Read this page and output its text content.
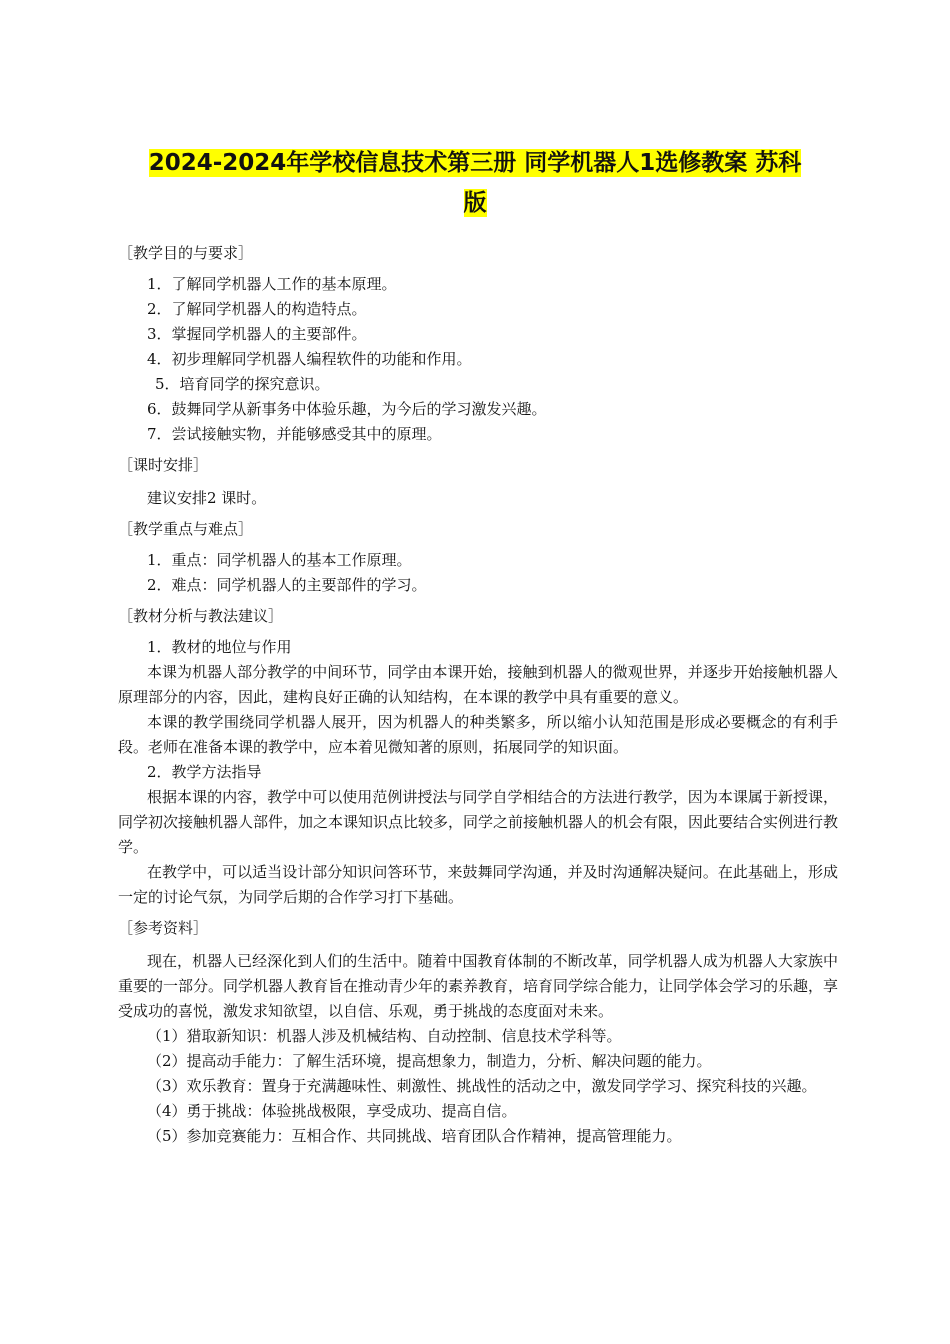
2024-2024年学校信息技术第三册 同学机器人1选修教案 苏科
版
［教学目的与要求］
1．了解同学机器人工作的基本原理。
2．了解同学机器人的构造特点。
3．掌握同学机器人的主要部件。
4．初步理解同学机器人编程软件的功能和作用。
5．培育同学的探究意识。
6．鼓舞同学从新事务中体验乐趣，为今后的学习激发兴趣。
7．尝试接触实物，并能够感受其中的原理。
［课时安排］
建议安排2 课时。
［教学重点与难点］
1．重点：同学机器人的基本工作原理。
2．难点：同学机器人的主要部件的学习。
［教材分析与教法建议］
1．教材的地位与作用
本课为机器人部分教学的中间环节，同学由本课开始，接触到机器人的微观世界，并逐步开始接触机器人原理部分的内容，因此，建构良好正确的认知结构，在本课的教学中具有重要的意义。
本课的教学围绕同学机器人展开，因为机器人的种类繁多，所以缩小认知范围是形成必要概念的有利手段。老师在准备本课的教学中，应本着见微知著的原则，拓展同学的知识面。
2．教学方法指导
根据本课的内容，教学中可以使用范例讲授法与同学自学相结合的方法进行教学，因为本课属于新授课，同学初次接触机器人部件，加之本课知识点比较多，同学之前接触机器人的机会有限，因此要结合实例进行教学。
在教学中，可以适当设计部分知识问答环节，来鼓舞同学沟通，并及时沟通解决疑问。在此基础上，形成一定的讨论气氛，为同学后期的合作学习打下基础。
［参考资料］
现在，机器人已经深化到人们的生活中。随着中国教育体制的不断改革，同学机器人成为机器人大家族中重要的一部分。同学机器人教育旨在推动青少年的素养教育，培育同学综合能力，让同学体会学习的乐趣，享受成功的喜悦，激发求知欲望，以自信、乐观，勇于挑战的态度面对未来。
（1）猎取新知识：机器人涉及机械结构、自动控制、信息技术学科等。
（2）提高动手能力：了解生活环境，提高想象力，制造力，分析、解决问题的能力。
（3）欢乐教育：置身于充满趣味性、刺激性、挑战性的活动之中，激发同学学习、探究科技的兴趣。
（4）勇于挑战：体验挑战极限，享受成功、提高自信。
（5）参加竞赛能力：互相合作、共同挑战、培育团队合作精神，提高管理能力。
